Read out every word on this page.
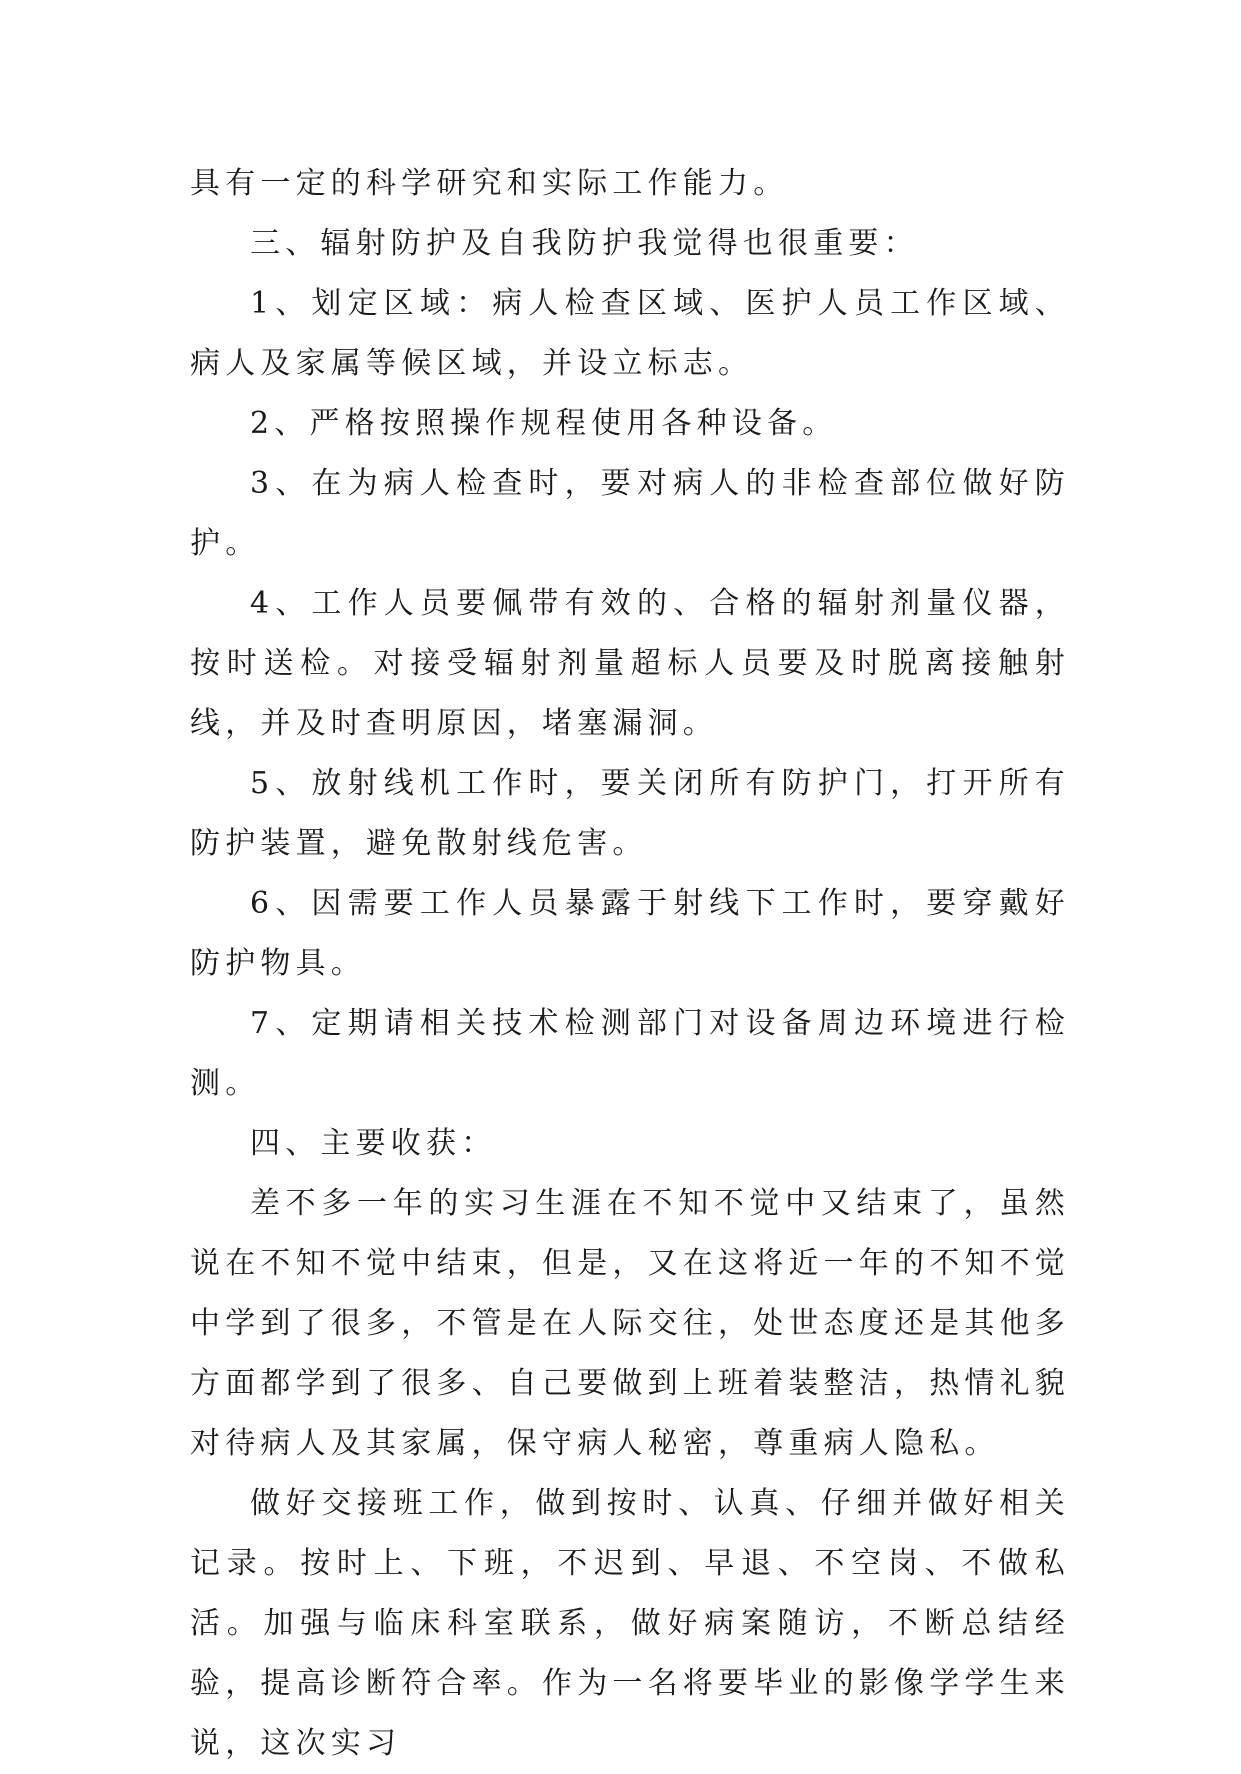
具有一定的科学研究和实际工作能力。

三、辐射防护及自我防护我觉得也很重要：

1、划定区域：病人检查区域、医护人员工作区域、病人及家属等候区域，并设立标志。

2、严格按照操作规程使用各种设备。

3、在为病人检查时，要对病人的非检查部位做好防护。

4、工作人员要佩带有效的、合格的辐射剂量仪器，按时送检。对接受辐射剂量超标人员要及时脱离接触射线，并及时查明原因，堵塞漏洞。

5、放射线机工作时，要关闭所有防护门，打开所有防护装置，避免散射线危害。

6、因需要工作人员暴露于射线下工作时，要穿戴好防护物具。

7、定期请相关技术检测部门对设备周边环境进行检测。

四、主要收获：

差不多一年的实习生涯在不知不觉中又结束了，虽然说在不知不觉中结束，但是，又在这将近一年的不知不觉中学到了很多，不管是在人际交往，处世态度还是其他多方面都学到了很多、自己要做到上班着装整洁，热情礼貌对待病人及其家属，保守病人秘密，尊重病人隐私。

做好交接班工作，做到按时、认真、仔细并做好相关记录。按时上、下班，不迟到、早退、不空岗、不做私活。加强与临床科室联系，做好病案随访，不断总结经验，提高诊断符合率。作为一名将要毕业的影像学学生来说，这次实习
